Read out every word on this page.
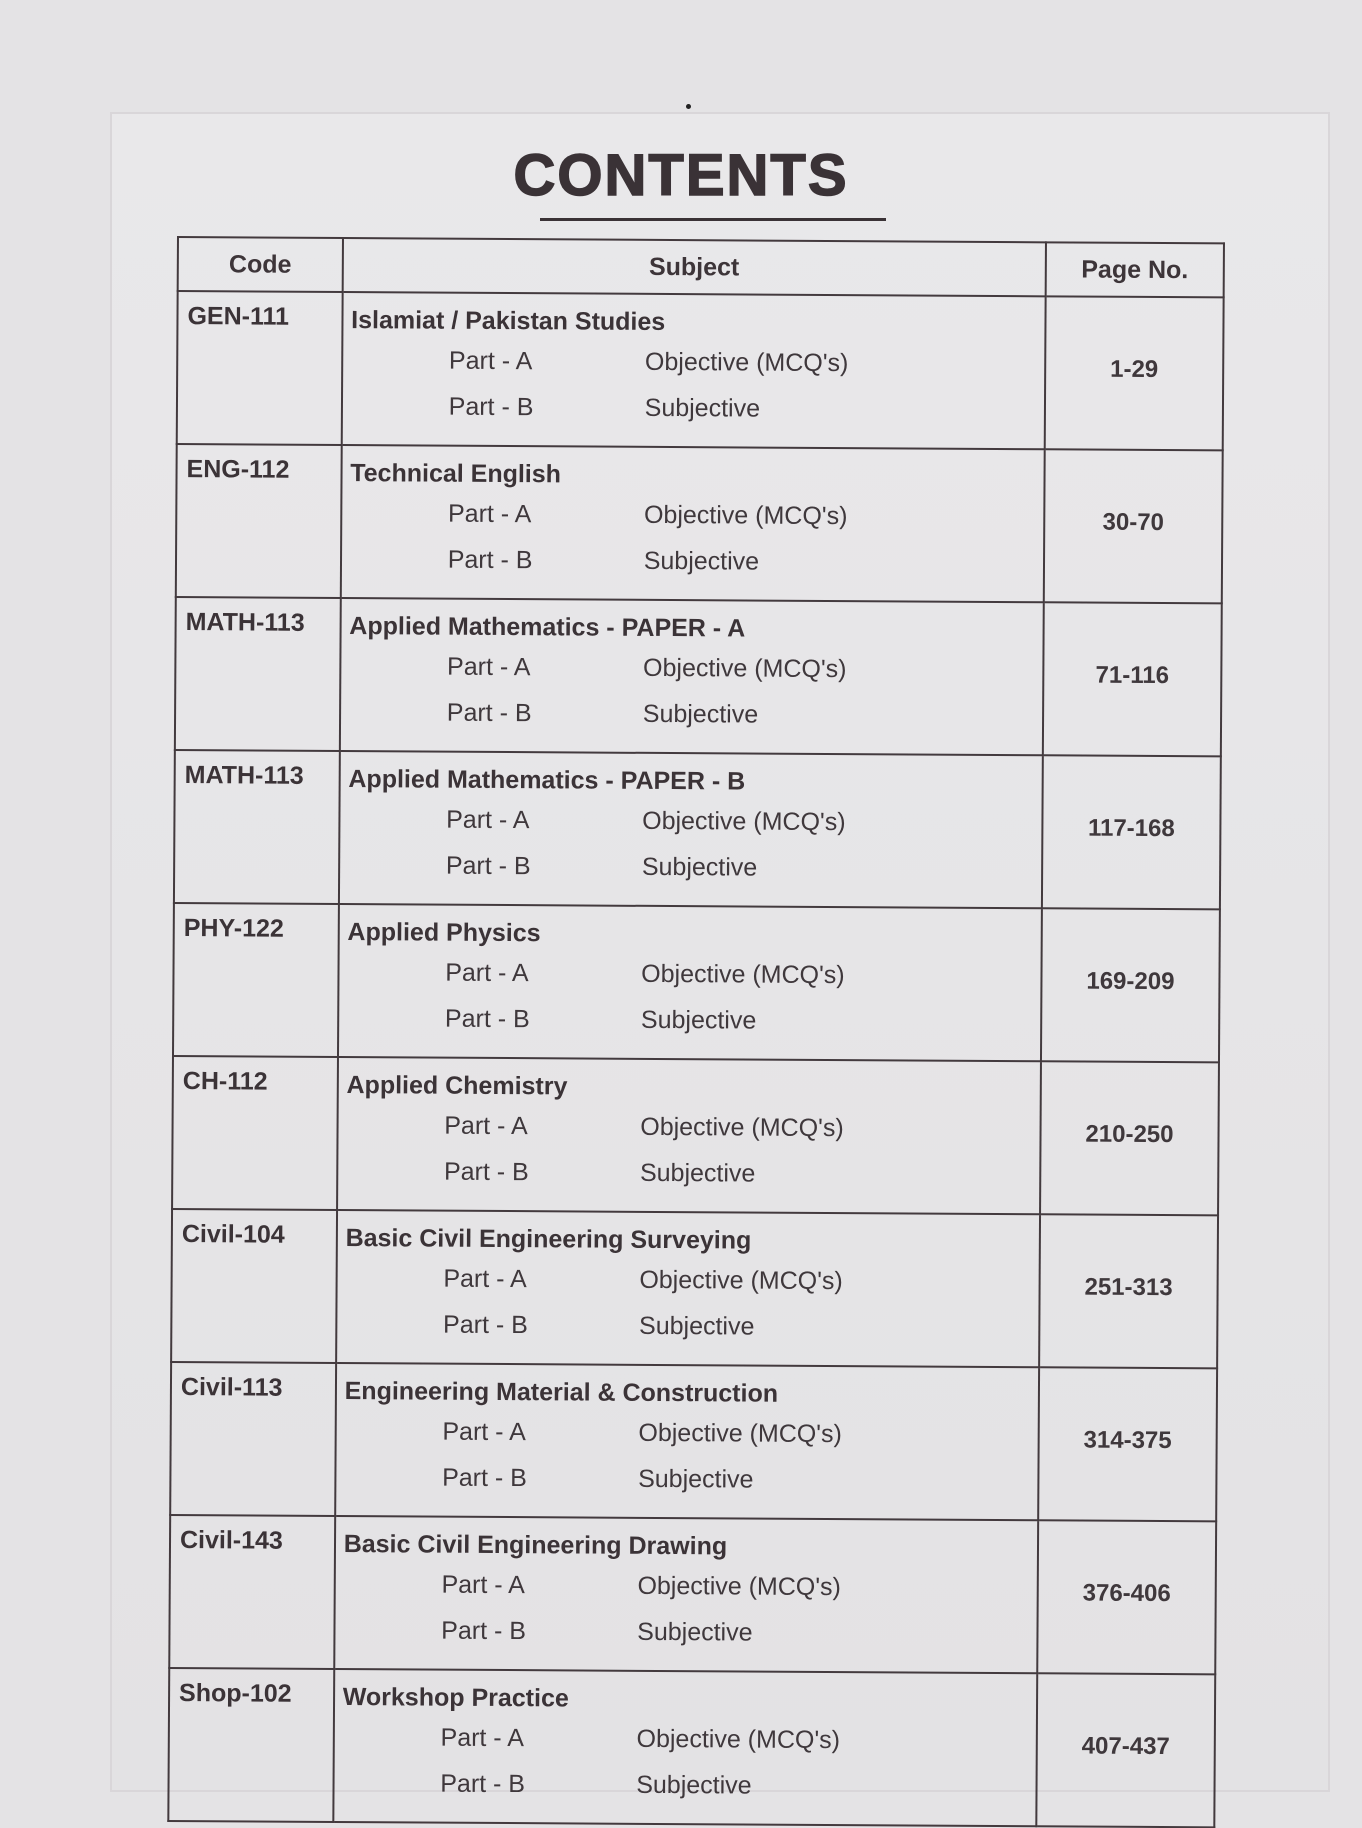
CONTENTS
Code	Subject	Page No.
GEN-111	Islamiat / Pakistan Studies
Part - A Objective (MCQ's)
Part - B Subjective	1-29
ENG-112	Technical English
Part - A Objective (MCQ's)
Part - B Subjective	30-70
MATH-113	Applied Mathematics - PAPER - A
Part - A Objective (MCQ's)
Part - B Subjective	71-116
MATH-113	Applied Mathematics - PAPER - B
Part - A Objective (MCQ's)
Part - B Subjective	117-168
PHY-122	Applied Physics
Part - A Objective (MCQ's)
Part - B Subjective	169-209
CH-112	Applied Chemistry
Part - A Objective (MCQ's)
Part - B Subjective	210-250
Civil-104	Basic Civil Engineering Surveying
Part - A Objective (MCQ's)
Part - B Subjective	251-313
Civil-113	Engineering Material & Construction
Part - A Objective (MCQ's)
Part - B Subjective	314-375
Civil-143	Basic Civil Engineering Drawing
Part - A Objective (MCQ's)
Part - B Subjective	376-406
Shop-102	Workshop Practice
Part - A Objective (MCQ's)
Part - B Subjective	407-437
